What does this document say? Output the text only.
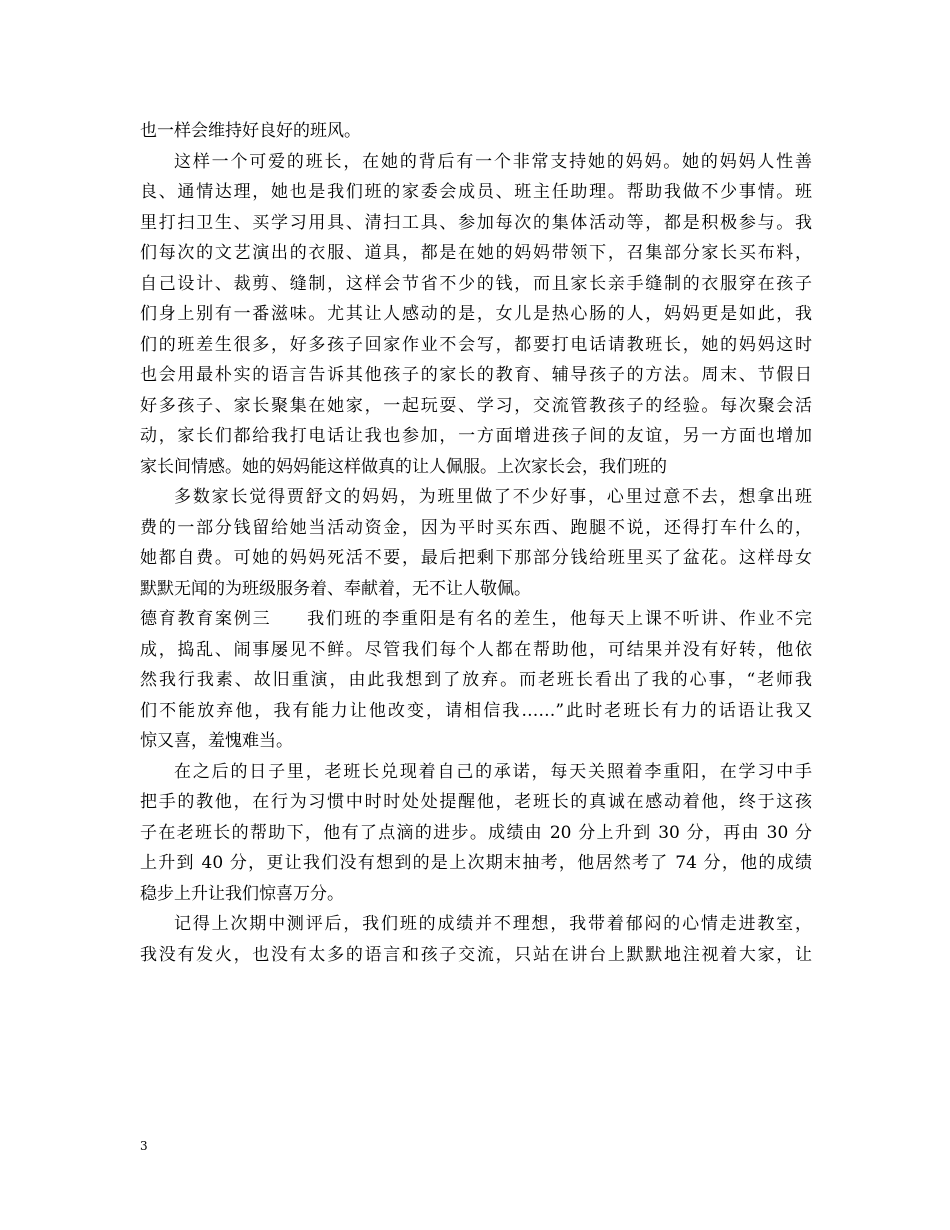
也一样会维持好良好的班风。
这样一个可爱的班长，在她的背后有一个非常支持她的妈妈。她的妈妈人性善
良、通情达理，她也是我们班的家委会成员、班主任助理。帮助我做不少事情。班
里打扫卫生、买学习用具、清扫工具、参加每次的集体活动等，都是积极参与。我
们每次的文艺演出的衣服、道具，都是在她的妈妈带领下，召集部分家长买布料，
自己设计、裁剪、缝制，这样会节省不少的钱，而且家长亲手缝制的衣服穿在孩子
们身上别有一番滋味。尤其让人感动的是，女儿是热心肠的人，妈妈更是如此，我
们的班差生很多，好多孩子回家作业不会写，都要打电话请教班长，她的妈妈这时
也会用最朴实的语言告诉其他孩子的家长的教育、辅导孩子的方法。周末、节假日
好多孩子、家长聚集在她家，一起玩耍、学习，交流管教孩子的经验。每次聚会活
动，家长们都给我打电话让我也参加，一方面增进孩子间的友谊，另一方面也增加
家长间情感。她的妈妈能这样做真的让人佩服。上次家长会，我们班的
多数家长觉得贾舒文的妈妈，为班里做了不少好事，心里过意不去，想拿出班
费的一部分钱留给她当活动资金，因为平时买东西、跑腿不说，还得打车什么的，
她都自费。可她的妈妈死活不要，最后把剩下那部分钱给班里买了盆花。这样母女
默默无闻的为班级服务着、奉献着，无不让人敬佩。
德育教育案例三 我们班的李重阳是有名的差生，他每天上课不听讲、作业不完
成，捣乱、闹事屡见不鲜。尽管我们每个人都在帮助他，可结果并没有好转，他依
然我行我素、故旧重演，由此我想到了放弃。而老班长看出了我的心事，“老师我
们不能放弃他，我有能力让他改变，请相信我……”此时老班长有力的话语让我又
惊又喜，羞愧难当。
在之后的日子里，老班长兑现着自己的承诺，每天关照着李重阳，在学习中手
把手的教他，在行为习惯中时时处处提醒他，老班长的真诚在感动着他，终于这孩
子在老班长的帮助下，他有了点滴的进步。成绩由 20 分上升到 30 分，再由 30 分
上升到 40 分，更让我们没有想到的是上次期末抽考，他居然考了 74 分，他的成绩
稳步上升让我们惊喜万分。
记得上次期中测评后，我们班的成绩并不理想，我带着郁闷的心情走进教室，
我没有发火，也没有太多的语言和孩子交流，只站在讲台上默默地注视着大家，让
3
